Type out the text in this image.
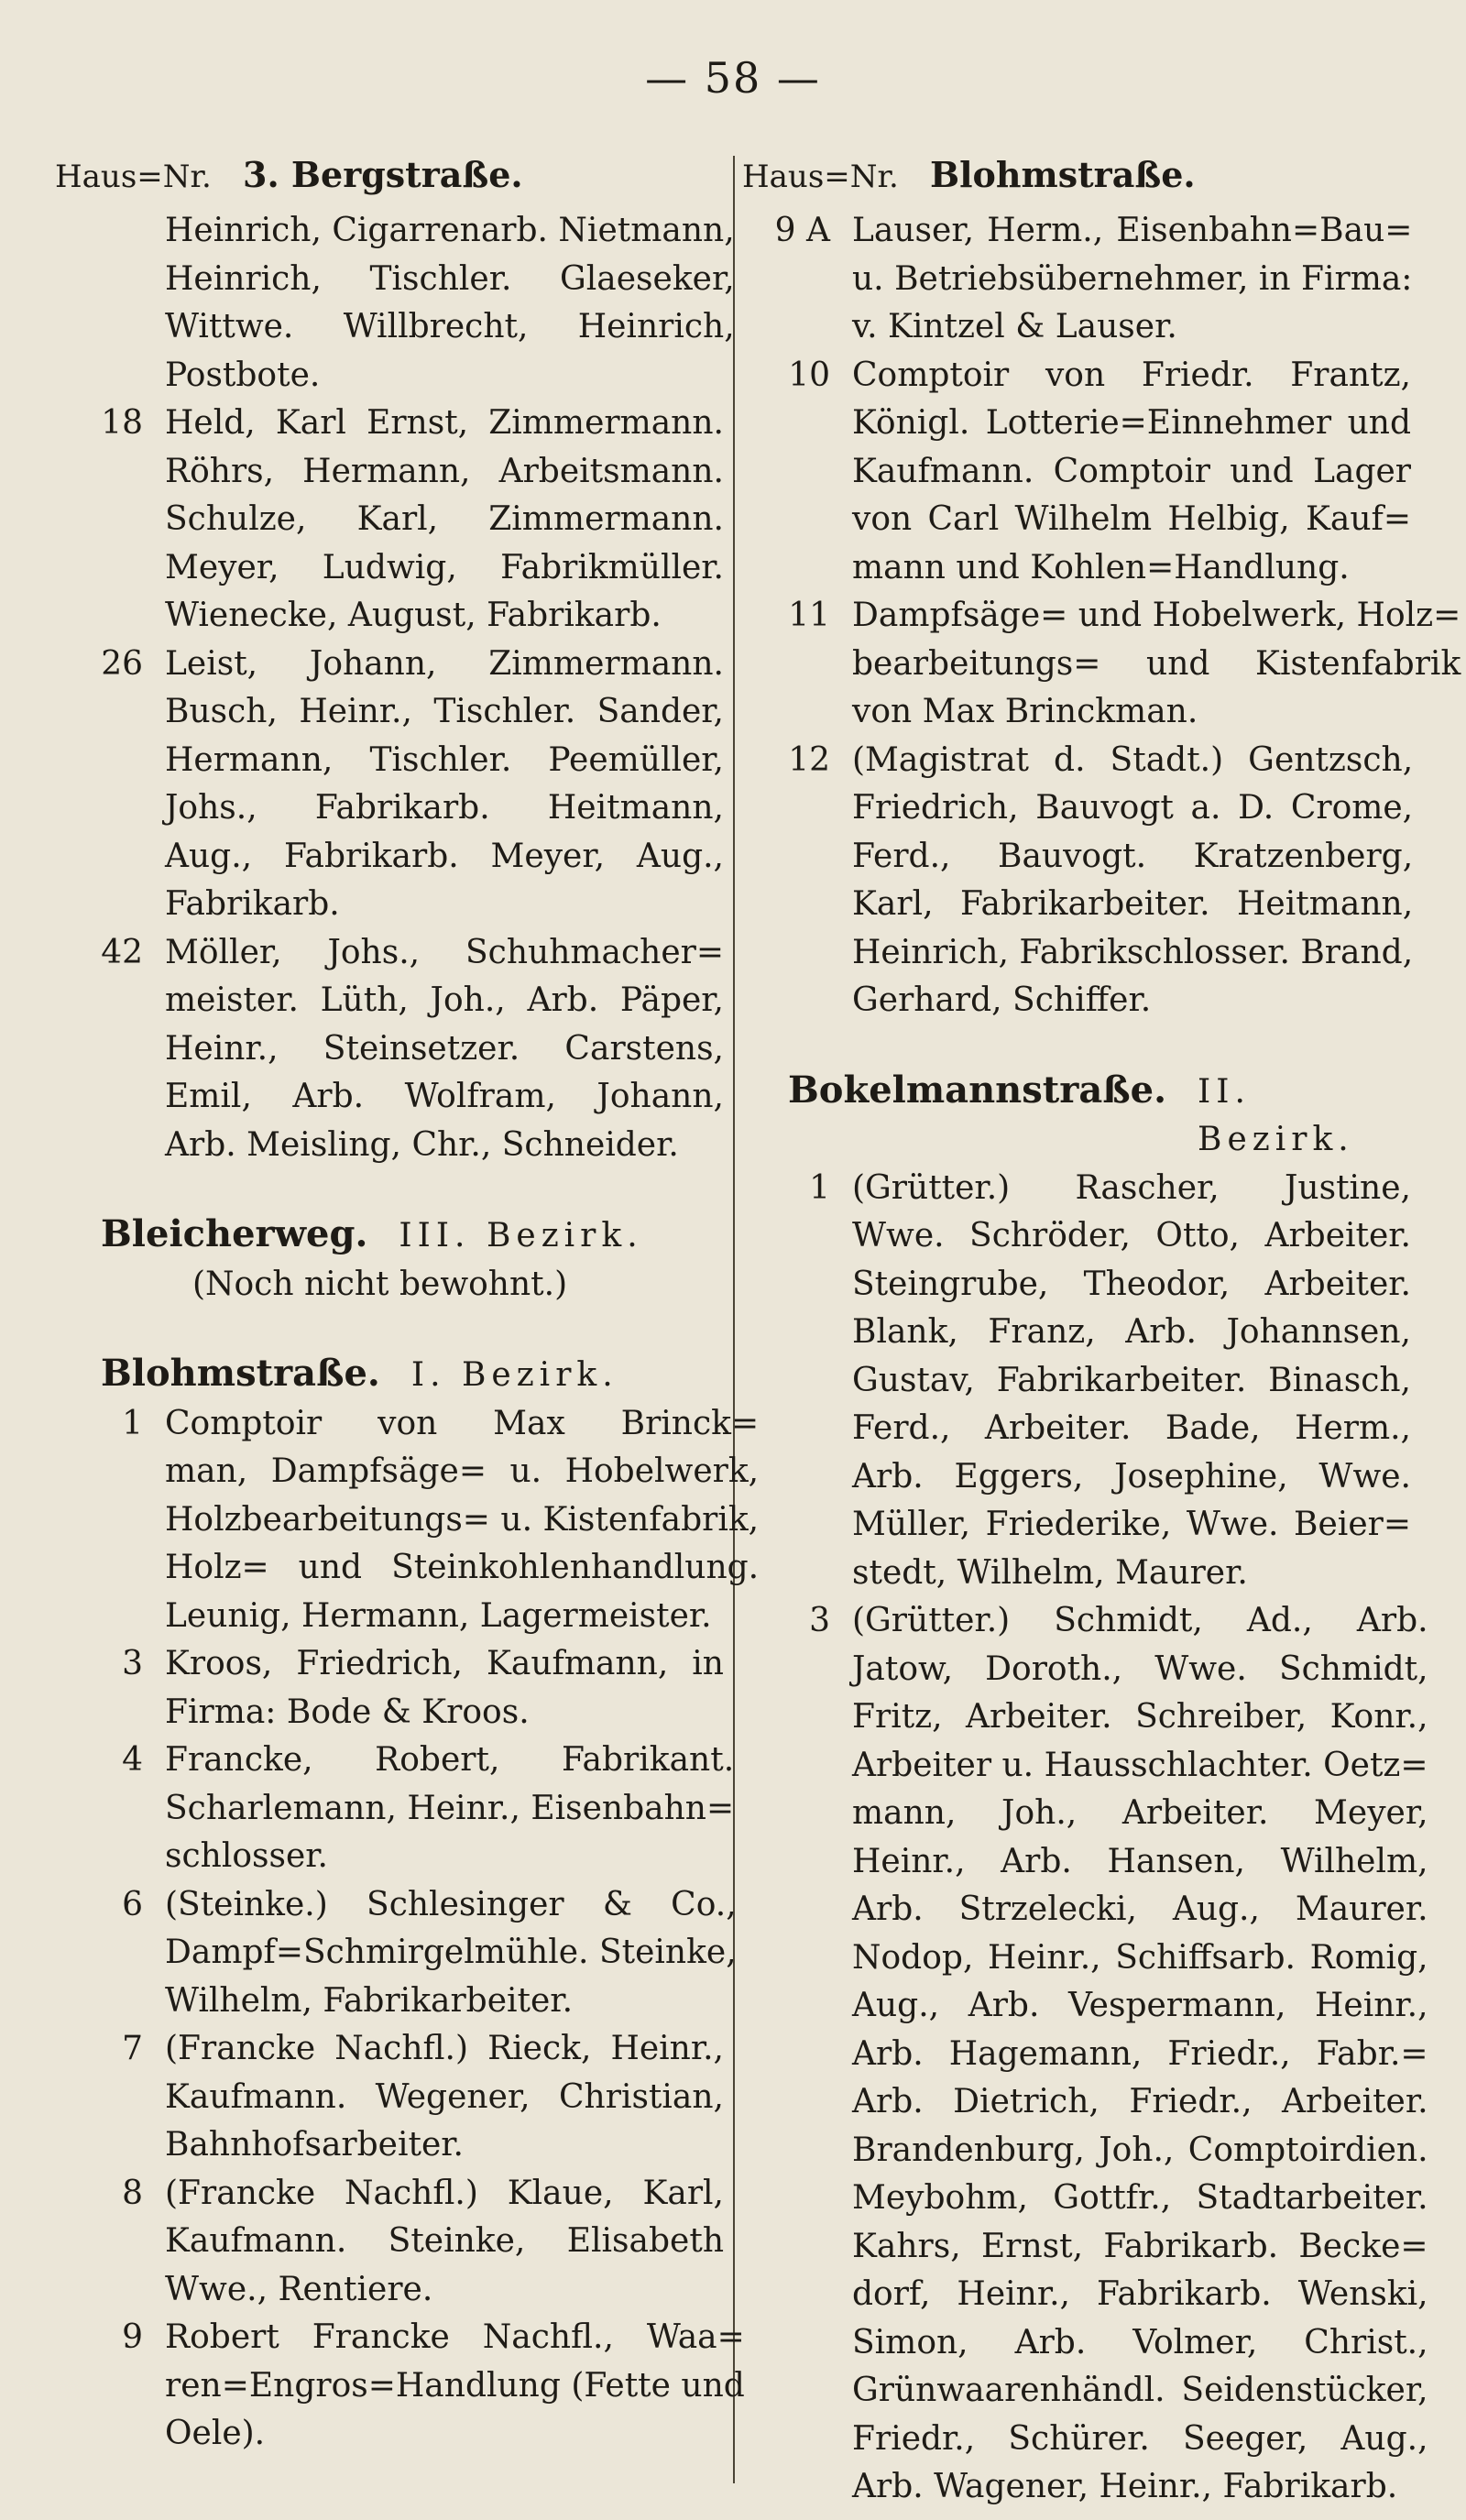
— 58 —
Haus=Nr. 3. Bergstraße.
Heinrich, Cigarrenarb. Nietmann,
Heinrich, Tischler. Glaeseker,
Wittwe. Willbrecht, Heinrich,
Postbote.
18 Held, Karl Ernst, Zimmermann.
Röhrs, Hermann, Arbeitsmann.
Schulze, Karl, Zimmermann.
Meyer, Ludwig, Fabrikmüller.
Wienecke, August, Fabrikarb.
26 Leist, Johann, Zimmermann.
Busch, Heinr., Tischler. Sander,
Hermann, Tischler. Peemüller,
Johs., Fabrikarb. Heitmann,
Aug., Fabrikarb. Meyer, Aug.,
Fabrikarb.
42 Möller, Johs., Schuhmacher=
meister. Lüth, Joh., Arb. Päper,
Heinr., Steinsetzer. Carstens,
Emil, Arb. Wolfram, Johann,
Arb. Meisling, Chr., Schneider.
Bleicherweg. III. Bezirk.
(Noch nicht bewohnt.)
Blohmstraße. I. Bezirk.
1 Comptoir von Max Brinck=
man, Dampfsäge= u. Hobelwerk,
Holzbearbeitungs= u. Kistenfabrik,
Holz= und Steinkohlenhandlung.
Leunig, Hermann, Lagermeister.
3 Kroos, Friedrich, Kaufmann, in
Firma: Bode & Kroos.
4 Francke, Robert, Fabrikant.
Scharlemann, Heinr., Eisenbahn=
schlosser.
6 (Steinke.) Schlesinger & Co.,
Dampf=Schmirgelmühle. Steinke,
Wilhelm, Fabrikarbeiter.
7 (Francke Nachfl.) Rieck, Heinr.,
Kaufmann. Wegener, Christian,
Bahnhofsarbeiter.
8 (Francke Nachfl.) Klaue, Karl,
Kaufmann. Steinke, Elisabeth
Wwe., Rentiere.
9 Robert Francke Nachfl., Waa=
ren=Engros=Handlung (Fette und
Oele).
Haus=Nr. Blohmstraße.
9 A Lauser, Herm., Eisenbahn=Bau=
u. Betriebsübernehmer, in Firma:
v. Kintzel & Lauser.
10 Comptoir von Friedr. Frantz,
Königl. Lotterie=Einnehmer und
Kaufmann. Comptoir und Lager
von Carl Wilhelm Helbig, Kauf=
mann und Kohlen=Handlung.
11 Dampfsäge= und Hobelwerk, Holz=
bearbeitungs= und Kistenfabrik
von Max Brinckman.
12 (Magistrat d. Stadt.) Gentzsch,
Friedrich, Bauvogt a. D. Crome,
Ferd., Bauvogt. Kratzenberg,
Karl, Fabrikarbeiter. Heitmann,
Heinrich, Fabrikschlosser. Brand,
Gerhard, Schiffer.
Bokelmannstraße. II. Bezirk.
1 (Grütter.) Rascher, Justine,
Wwe. Schröder, Otto, Arbeiter.
Steingrube, Theodor, Arbeiter.
Blank, Franz, Arb. Johannsen,
Gustav, Fabrikarbeiter. Binasch,
Ferd., Arbeiter. Bade, Herm.,
Arb. Eggers, Josephine, Wwe.
Müller, Friederike, Wwe. Beier=
stedt, Wilhelm, Maurer.
3 (Grütter.) Schmidt, Ad., Arb.
Jatow, Doroth., Wwe. Schmidt,
Fritz, Arbeiter. Schreiber, Konr.,
Arbeiter u. Hausschlachter. Oetz=
mann, Joh., Arbeiter. Meyer,
Heinr., Arb. Hansen, Wilhelm,
Arb. Strzelecki, Aug., Maurer.
Nodop, Heinr., Schiffsarb. Romig,
Aug., Arb. Vespermann, Heinr.,
Arb. Hagemann, Friedr., Fabr.=
Arb. Dietrich, Friedr., Arbeiter.
Brandenburg, Joh., Comptoirdien.
Meybohm, Gottfr., Stadtarbeiter.
Kahrs, Ernst, Fabrikarb. Becke=
dorf, Heinr., Fabrikarb. Wenski,
Simon, Arb. Volmer, Christ.,
Grünwaarenhändl. Seidenstücker,
Friedr., Schürer. Seeger, Aug.,
Arb. Wagener, Heinr., Fabrikarb.
